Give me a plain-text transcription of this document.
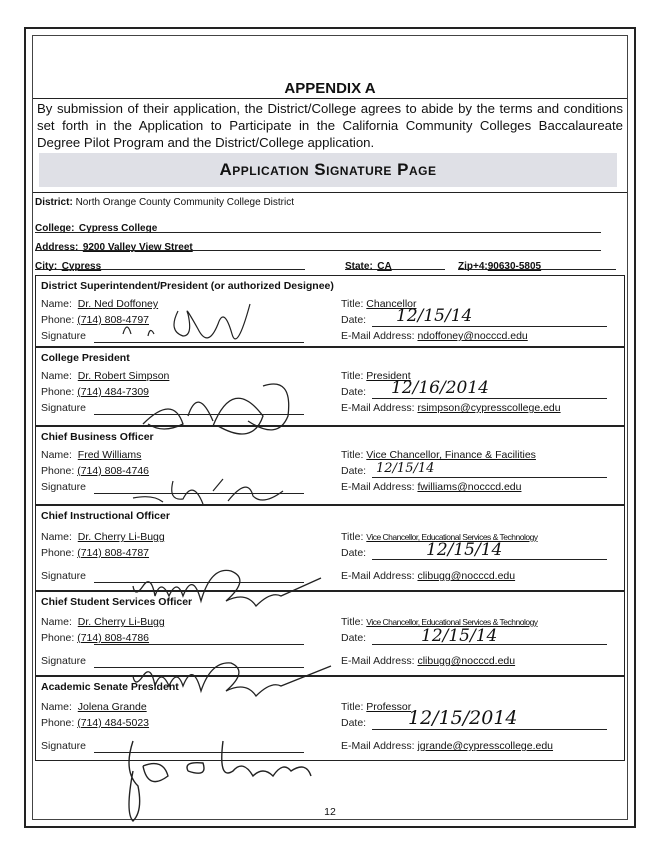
APPENDIX A
By submission of their application, the District/College agrees to abide by the terms and conditions set forth in the Application to Participate in the California Community Colleges Baccalaureate Degree Pilot Program and the District/College application.
Application Signature Page
District: North Orange County Community College District
College: Cypress College
Address: 9200 Valley View Street
City: Cypress	State: CA	Zip+4:90630-5805
District Superintendent/President (or authorized Designee)
Name: Dr. Ned Doffoney
Phone: (714) 808-4797
Signature
Title: Chancellor
Date: 12/15/14
E-Mail Address: ndoffoney@nocccd.edu
College President
Name: Dr. Robert Simpson
Phone: (714) 484-7309
Signature
Title: President
Date: 12/16/2014
E-Mail Address: rsimpson@cypresscollege.edu
Chief Business Officer
Name: Fred Williams
Phone: (714) 808-4746
Signature
Title: Vice Chancellor, Finance & Facilities
Date: 12/15/14
E-Mail Address: fwilliams@nocccd.edu
Chief Instructional Officer
Name: Dr. Cherry Li-Bugg
Phone: (714) 808-4787
Signature
Title: Vice Chancellor, Educational Services & Technology
Date:	12/15/14
E-Mail Address: clibugg@nocccd.edu
Chief Student Services Officer
Name: Dr. Cherry Li-Bugg
Phone: (714) 808-4786
Signature
Title: Vice Chancellor, Educational Services & Technology
Date:	12/15/14
E-Mail Address: clibugg@nocccd.edu
Academic Senate President
Name: Jolena Grande
Phone: (714) 484-5023
Signature
Title: Professor
Date: 12/15/2014
E-Mail Address: jgrande@cypresscollege.edu
12
